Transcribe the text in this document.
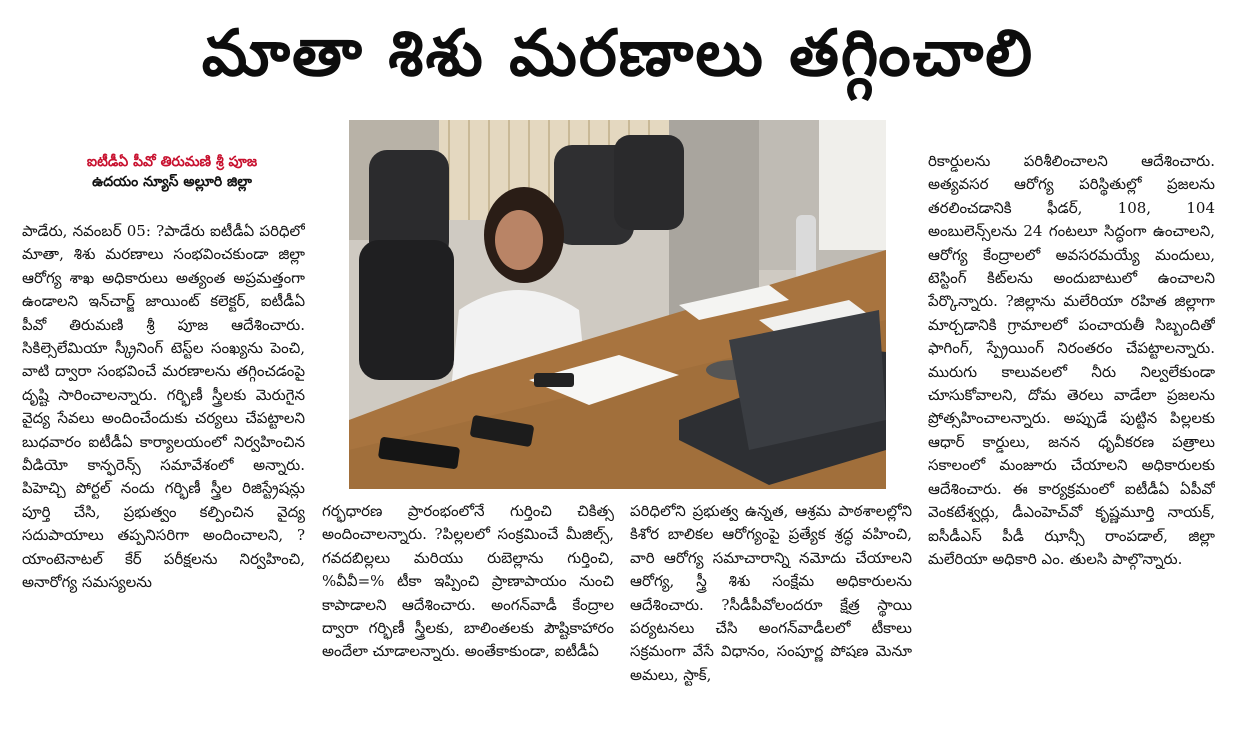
మాతా శిశు మరణాలు తగ్గించాలి
ఐటీడీఏ పీవో తిరుమణి శ్రీ పూజ
ఉదయం న్యూస్ అల్లూరి జిల్లా

పాడేరు, నవంబర్ 05: ?పాడేరు ఐటీడీఏ పరిధిలో మాతా, శిశు మరణాలు సంభవించకుండా జిల్లా ఆరోగ్య శాఖ అధికారులు అత్యంత అప్రమత్తంగా ఉండాలని ఇన్‌చార్జ్ జాయింట్ కలెక్టర్, ఐటీడీఏ పీవో తిరుమణి శ్రీ పూజ ఆదేశించారు. సికిల్సెలేమియా స్క్రీనింగ్ టెస్ట్‌ల సంఖ్యను పెంచి, వాటి ద్వారా సంభవించే మరణాలను తగ్గించడంపై దృష్టి సారించాలన్నారు. గర్భిణీ స్త్రీలకు మెరుగైన వైద్య సేవలు అందించేందుకు చర్యలు చేపట్టాలని బుధవారం ఐటీడీఏ కార్యాలయంలో నిర్వహించిన వీడియో కాన్ఫరెన్స్ సమావేశంలో అన్నారు. పిహెచ్చి పోర్టల్ నందు గర్భిణీ స్త్రీల రిజిస్ట్రేషన్లు పూర్తి చేసి, ప్రభుత్వం కల్పించిన వైద్య సదుపాయాలు తప్పనిసరిగా అందించాలని, ?యాంటెనాటల్ కేర్ పరీక్షలను నిర్వహించి, అనారోగ్య సమస్యలను

గర్భధారణ ప్రారంభంలోనే గుర్తించి చికిత్స అందించాలన్నారు. ?పిల్లలలో సంక్రమించే మీజిల్స్, గవదబిల్లలు మరియు రుబెల్లాను గుర్తించి, %వీవీ=% టీకా ఇప్పించి ప్రాణాపాయం నుంచి కాపాడాలని ఆదేశించారు. అంగన్‌వాడీ కేంద్రాల ద్వారా గర్భిణీ స్త్రీలకు, బాలింతలకు పౌష్టికాహారం అందేలా చూడాలన్నారు. అంతేకాకుండా, ఐటీడీఏ

పరిధిలోని ప్రభుత్వ ఉన్నత, ఆశ్రమ పాఠశాలల్లోని కిశోర బాలికల ఆరోగ్యంపై ప్రత్యేక శ్రద్ధ వహించి, వారి ఆరోగ్య సమాచారాన్ని నమోదు చేయాలని ఆరోగ్య, స్త్రీ శిశు సంక్షేమ అధికారులను ఆదేశించారు. ?సీడీపీవోలందరూ క్షేత్ర స్థాయి పర్యటనలు చేసి అంగన్‌వాడీలలో టీకాలు సక్రమంగా వేసే విధానం, సంపూర్ణ పోషణ మెనూ అమలు, స్టాక్,

రికార్డులను పరిశీలించాలని ఆదేశించారు. అత్యవసర ఆరోగ్య పరిస్థితుల్లో ప్రజలను తరలించడానికి ఫీడర్, 108, 104 అంబులెన్స్‌లను 24 గంటలూ సిద్ధంగా ఉంచాలని, ఆరోగ్య కేంద్రాలలో అవసరమయ్యే మందులు, టెస్టింగ్ కిట్‌లను అందుబాటులో ఉంచాలని పేర్కొన్నారు. ?జిల్లాను మలేరియా రహిత జిల్లాగా మార్చడానికి గ్రామాలలో పంచాయతీ సిబ్బందితో ఫాగింగ్, స్ప్రేయింగ్ నిరంతరం చేపట్టాలన్నారు. మురుగు కాలువలలో నీరు నిల్వలేకుండా చూసుకోవాలని, దోమ తెరలు వాడేలా ప్రజలను ప్రోత్సహించాలన్నారు. అప్పుడే పుట్టిన పిల్లలకు ఆధార్ కార్డులు, జనన ధృవీకరణ పత్రాలు సకాలంలో మంజూరు చేయాలని అధికారులకు ఆదేశించారు. ఈ కార్యక్రమంలో ఐటీడీఏ ఏపీవో వెంకటేశ్వర్లు, డీఎంహెచ్‌వో కృష్ణమూర్తి నాయక్, ఐసీడీఎస్ పీడీ ఝాన్సీ రాంపడాల్, జిల్లా మలేరియా అధికారి ఎం. తులసి పాల్గొన్నారు.
